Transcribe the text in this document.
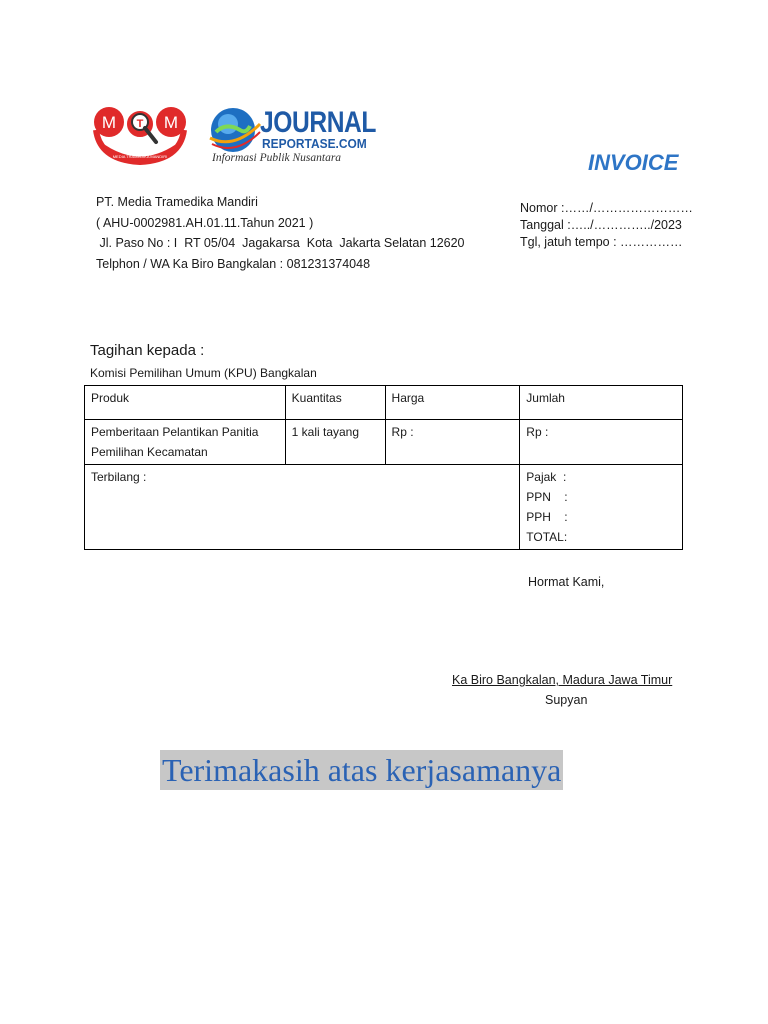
M T M
MEDIA TRAMEDIKA MANDIRI
JOURNAL
REPORTASE.COM
Informasi Publik Nusantara	INVOICE
PT. Media Tramedika Mandiri
( AHU-0002981.AH.01.11.Tahun 2021 )
Jl. Paso No : I  RT 05/04  Jagakarsa  Kota  Jakarta Selatan 12620
Telphon / WA Ka Biro Bangkalan : 081231374048
Nomor :……/……………………
Tanggal :…../…………../2023
Tgl, jatuh tempo : ……………
Tagihan kepada :
Komisi Pemilihan Umum (KPU) Bangkalan
Produk	Kuantitas	Harga	Jumlah
Pemberitaan Pelantikan Panitia Pemilihan Kecamatan	1 kali tayang	Rp :	Rp :
Terbilang :			Pajak  :
PPN    :
PPH    :
TOTAL:
Hormat Kami,
Ka Biro Bangkalan, Madura Jawa Timur
Supyan
Terimakasih atas kerjasamanya
